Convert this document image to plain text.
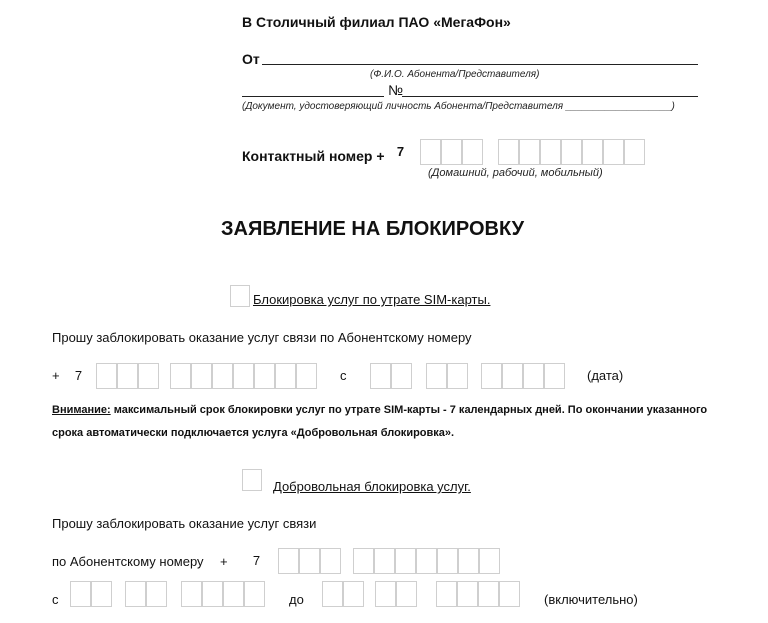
В Столичный филиал ПАО «МегаФон»
От
(Ф.И.О. Абонента/Представителя)
№
(Документ, удостоверяющий личность Абонента/Представителя ___________________)
Контактный номер + 7
(Домашний, рабочий, мобильный)
ЗАЯВЛЕНИЕ НА БЛОКИРОВКУ
Блокировка услуг по утрате SIM-карты.
Прошу заблокировать оказание услуг связи по Абонентскому номеру
+	7	с	(дата)
Внимание: максимальный срок блокировки услуг по утрате SIM-карты - 7 календарных дней. По окончании указанного
срока автоматически подключается услуга «Добровольная блокировка».
Добровольная блокировка услуг.
Прошу заблокировать оказание услуг связи
по Абонентскому номеру +	7
с	до	(включительно)
